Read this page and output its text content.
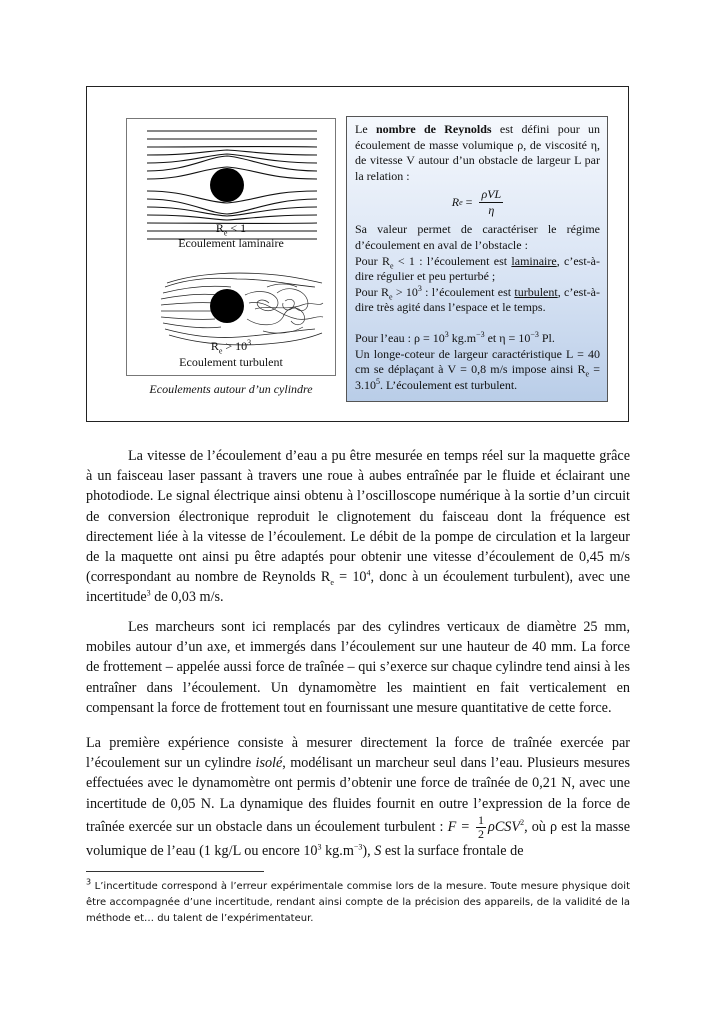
$R_e < 1$
Ecoulement laminaire
$R_e > 10^3$
Ecoulement turbulent
Ecoulements autour d’un cylindre

Le nombre de Reynolds est défini pour un écoulement de masse volumique ρ, de viscosité η, de vitesse V autour d’un obstacle de largeur L par la relation :

R $e = \frac{\text{ρVL}}{\eta}$

Sa valeur permet de caractériser le régime d’écoulement en aval de l’obstacle :

Pour $R_e < 1$ : l’écoulement est laminaire, c’est-à-dire régulier et peu perturbé ;

Pour $R_e > 10^3$ : l’écoulement est turbulent, c’est-à-dire très agité dans l’espace et le temps.

Pour l’eau : $\rho = 10^3$ $kg.m^{-3}$ et $\eta = 10^{-3}$ Pl.

Un longe-coteur de largeur caractéristique L = 40 cm se déplaçant à V = 0,8 m/s impose ainsi $R_e = 3.10^5$. L’écoulement est turbulent.

La vitesse de l’écoulement d’eau a pu être mesurée en temps réel sur la maquette grâce à un faisceau laser passant à travers une roue à aubes entraînée par le fluide et éclairant une photodiode. Le signal électrique ainsi obtenu à l’oscilloscope numérique à la sortie d’un circuit de conversion électronique reproduit le clignotement du faisceau dont la fréquence est directement liée à la vitesse de l’écoulement. Le débit de la pompe de circulation et la largeur de la maquette ont ainsi pu être adaptés pour obtenir une vitesse d’écoulement de 0,45 m/s (correspondant au nombre de Reynolds $R_e = 10^4$, donc à un écoulement turbulent), avec une incertitude$^3$ de 0,03 m/s.

Les marcheurs sont ici remplacés par des cylindres verticaux de diamètre 25 mm, mobiles autour d’un axe, et immergés dans l’écoulement sur une hauteur de 40 mm. La force de frottement – appelée aussi force de traînée – qui s’exerce sur chaque cylindre tend ainsi à les entraîner dans l’écoulement. Un dynamomètre les maintient en fait verticalement en compensant la force de frottement tout en fournissant une mesure quantitative de cette force.

La première expérience consiste à mesurer directement la force de traînée exercée par l’écoulement sur un cylindre isolé, modélisant un marcheur seul dans l’eau. Plusieurs mesures effectuées avec le dynamomètre ont permis d’obtenir une force de traînée de 0,21 N, avec une incertitude de 0,05 N. La dynamique des fluides fournit en outre l’expression de la force de traînée exercée sur un obstacle dans un écoulement turbulent : $F = \frac{1}{2} \rho CSV^2$, où ρ est la masse volumique de l’eau (1 kg/L ou encore $10^3$ $kg.m^{-3}$), S est la surface frontale de

$^3$ L’incertitude correspond à l’erreur expérimentale commise lors de la mesure. Toute mesure physique doit être accompagnée d’une incertitude, rendant ainsi compte de la précision des appareils, de la validité de la méthode et… du talent de l’expérimentateur.
